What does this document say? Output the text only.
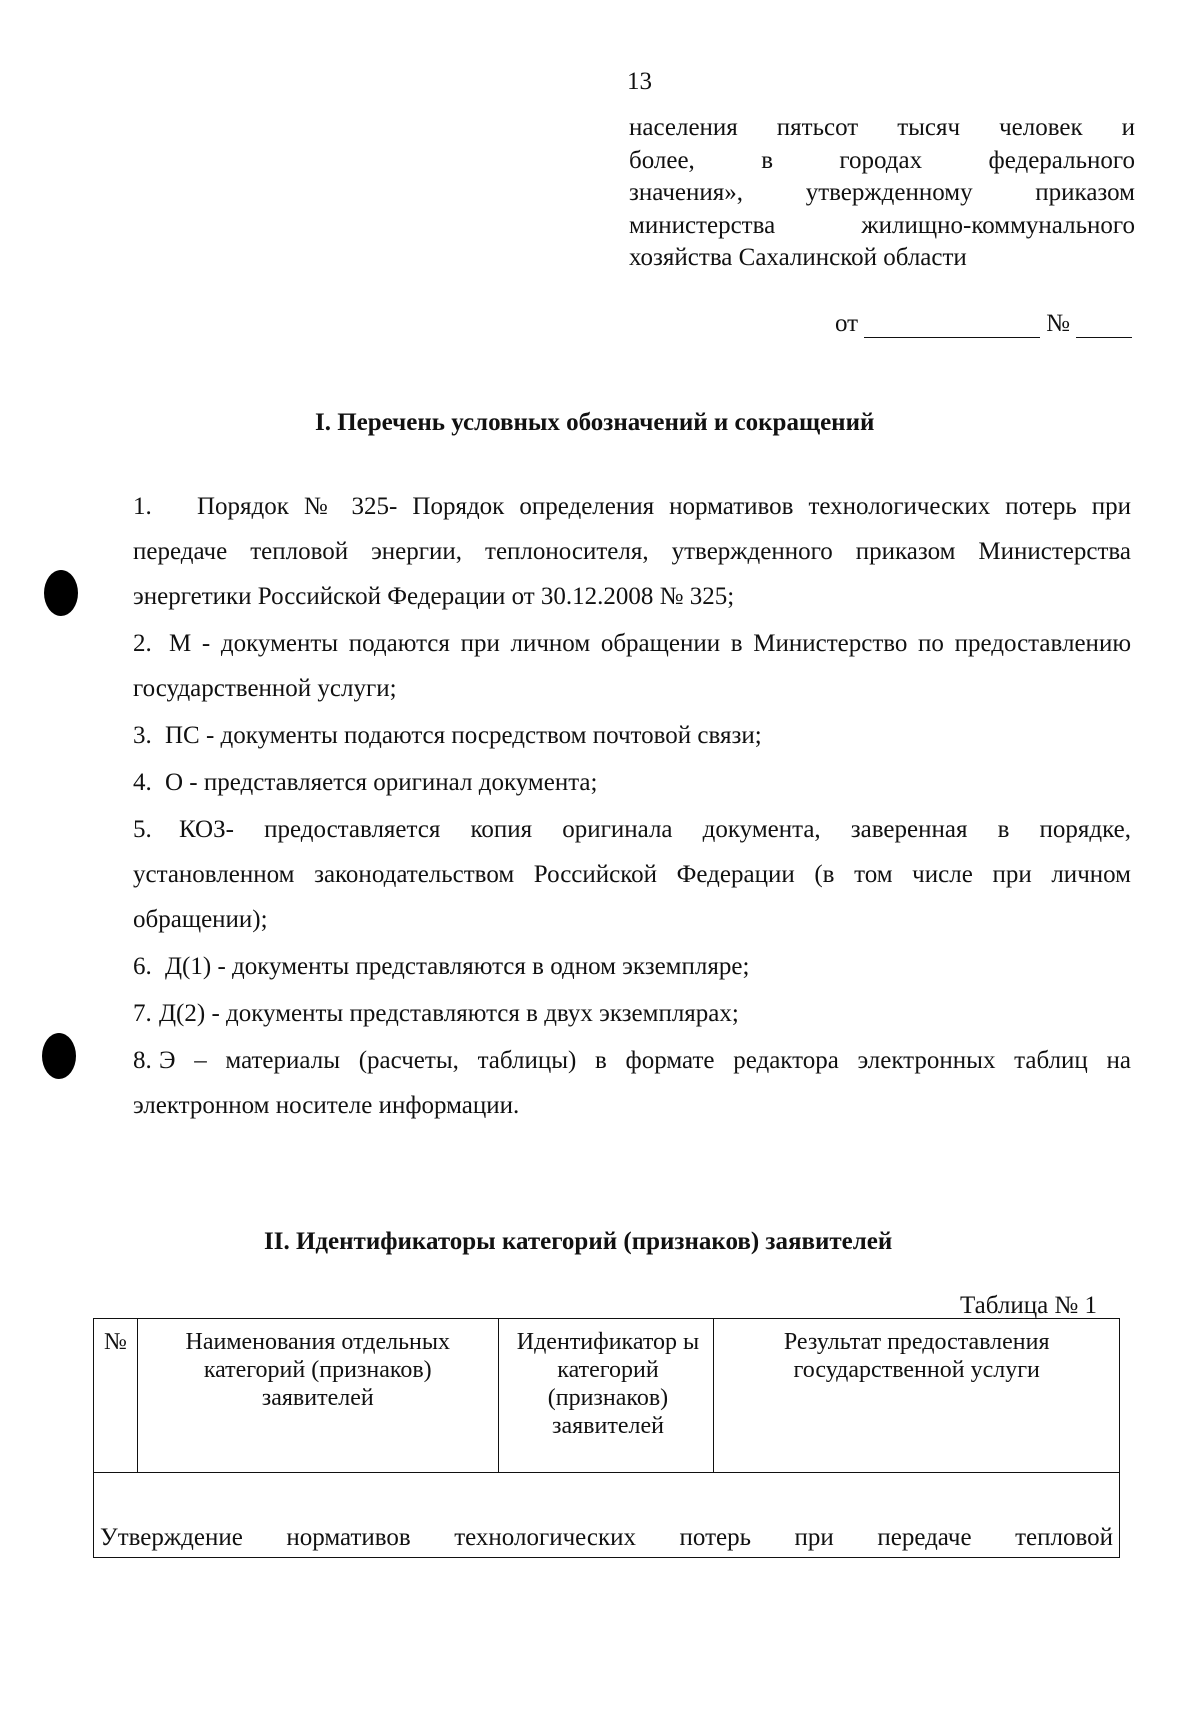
13
населения пятьсот тысяч человек и
более, в городах федерального
значения», утвержденному приказом
министерства жилищно-коммунального
хозяйства Сахалинской области
от	№
I. Перечень условных обозначений и сокращений
1. Порядок № 325- Порядок определения нормативов технологических потерь при передаче тепловой энергии, теплоносителя, утвержденного приказом Министерства энергетики Российской Федерации от 30.12.2008 № 325;
2. М - документы подаются при личном обращении в Министерство по предоставлению государственной услуги;
3. ПС - документы подаются посредством почтовой связи;
4. О - представляется оригинал документа;
5. КОЗ- предоставляется копия оригинала документа, заверенная в порядке, установленном законодательством Российской Федерации (в том числе при личном обращении);
6. Д(1) - документы представляются в одном экземпляре;
7. Д(2) - документы представляются в двух экземплярах;
8. Э – материалы (расчеты, таблицы) в формате редактора электронных таблиц на электронном носителе информации.
II. Идентификаторы категорий (признаков) заявителей
Таблица № 1
№	Наименования отдельных категорий (признаков) заявителей	Идентификатор ы категорий (признаков) заявителей	Результат предоставления государственной услуги
Утверждение нормативов технологических потерь при передаче тепловой
